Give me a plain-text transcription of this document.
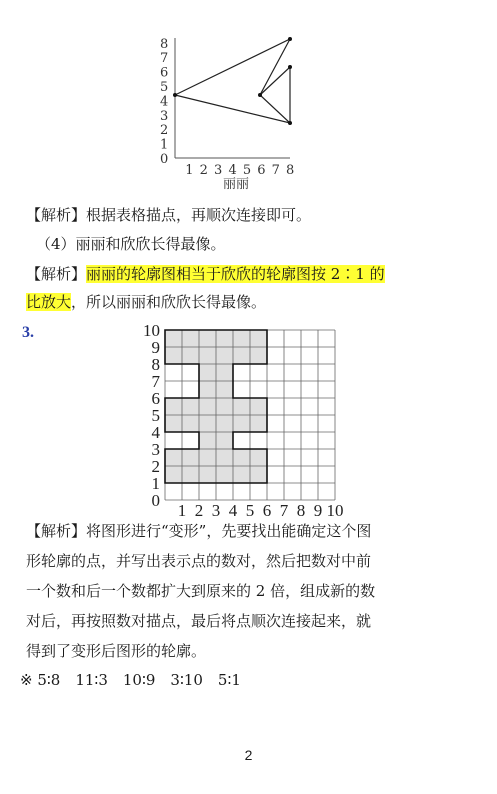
8
7
6
5
4
3
2
1
0
1 2 3 4 5 6 7 8
丽丽
【解析】根据表格描点，再顺次连接即可。
（4）丽丽和欣欣长得最像。
【解析】丽丽的轮廓图相当于欣欣的轮廓图按 2∶1 的
比放大，所以丽丽和欣欣长得最像。
3.	10
9
8
7
6
5
4
3
2
1
0
1 2 3 4 5 6 7 8 9 10
【解析】将图形进行“变形”，先要找出能确定这个图
形轮廓的点，并写出表示点的数对，然后把数对中前
一个数和后一个数都扩大到原来的 2 倍，组成新的数
对后，再按照数对描点，最后将点顺次连接起来，就
得到了变形后图形的轮廓。
※ 5∶8　11∶3　10∶9　3∶10　5∶1
2
